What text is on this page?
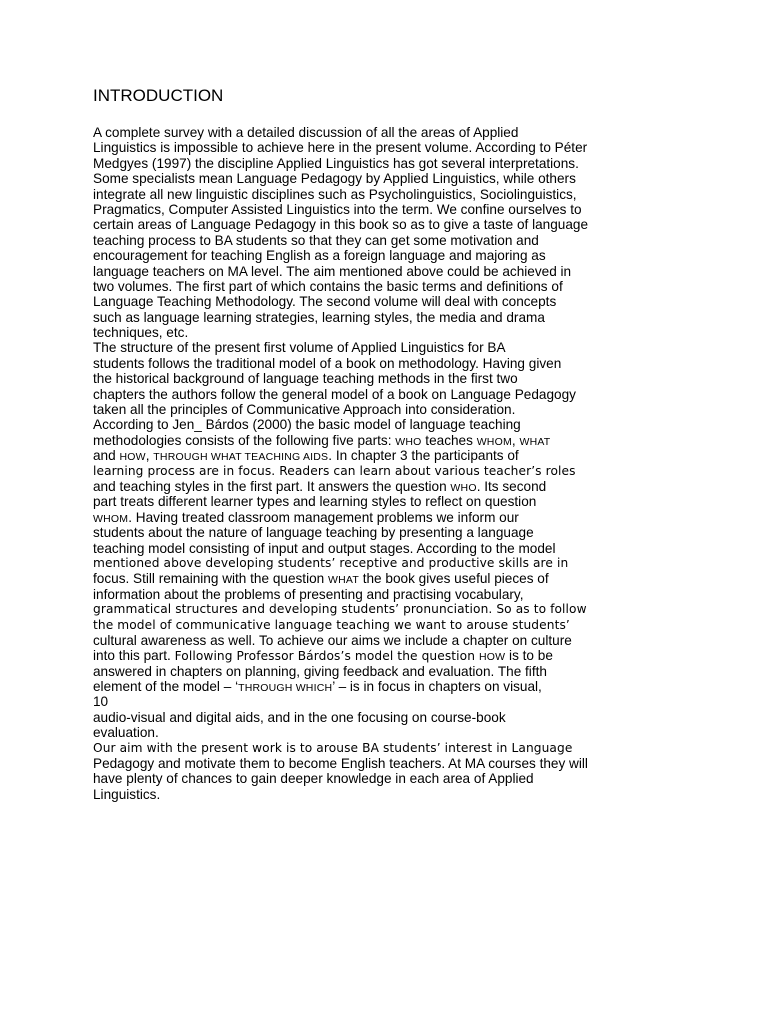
INTRODUCTION
A complete survey with a detailed discussion of all the areas of Applied
Linguistics is impossible to achieve here in the present volume. According to Péter
Medgyes (1997) the discipline Applied Linguistics has got several interpretations.
Some specialists mean Language Pedagogy by Applied Linguistics, while others
integrate all new linguistic disciplines such as Psycholinguistics, Sociolinguistics,
Pragmatics, Computer Assisted Linguistics into the term. We confine ourselves to
certain areas of Language Pedagogy in this book so as to give a taste of language
teaching process to BA students so that they can get some motivation and
encouragement for teaching English as a foreign language and majoring as
language teachers on MA level. The aim mentioned above could be achieved in
two volumes. The first part of which contains the basic terms and definitions of
Language Teaching Methodology. The second volume will deal with concepts
such as language learning strategies, learning styles, the media and drama
techniques, etc.
The structure of the present first volume of Applied Linguistics for BA
students follows the traditional model of a book on methodology. Having given
the historical background of language teaching methods in the first two
chapters the authors follow the general model of a book on Language Pedagogy
taken all the principles of Communicative Approach into consideration.
According to Jen_ Bárdos (2000) the basic model of language teaching
methodologies consists of the following five parts: WHO teaches WHOM, WHAT
and HOW, THROUGH WHAT TEACHING AIDS. In chapter 3 the participants of
learning process are in focus. Readers can learn about various teacher’s roles
and teaching styles in the first part. It answers the question WHO. Its second
part treats different learner types and learning styles to reflect on question
WHOM. Having treated classroom management problems we inform our
students about the nature of language teaching by presenting a language
teaching model consisting of input and output stages. According to the model
mentioned above developing students’ receptive and productive skills are in
focus. Still remaining with the question WHAT the book gives useful pieces of
information about the problems of presenting and practising vocabulary,
grammatical structures and developing students’ pronunciation. So as to follow
the model of communicative language teaching we want to arouse students’
cultural awareness as well. To achieve our aims we include a chapter on culture
into this part. Following Professor Bárdos’s model the question HOW is to be
answered in chapters on planning, giving feedback and evaluation. The fifth
element of the model – ‘THROUGH WHICH’ – is in focus in chapters on visual,
10
audio-visual and digital aids, and in the one focusing on course-book
evaluation.
Our aim with the present work is to arouse BA students’ interest in Language
Pedagogy and motivate them to become English teachers. At MA courses they will
have plenty of chances to gain deeper knowledge in each area of Applied
Linguistics.
